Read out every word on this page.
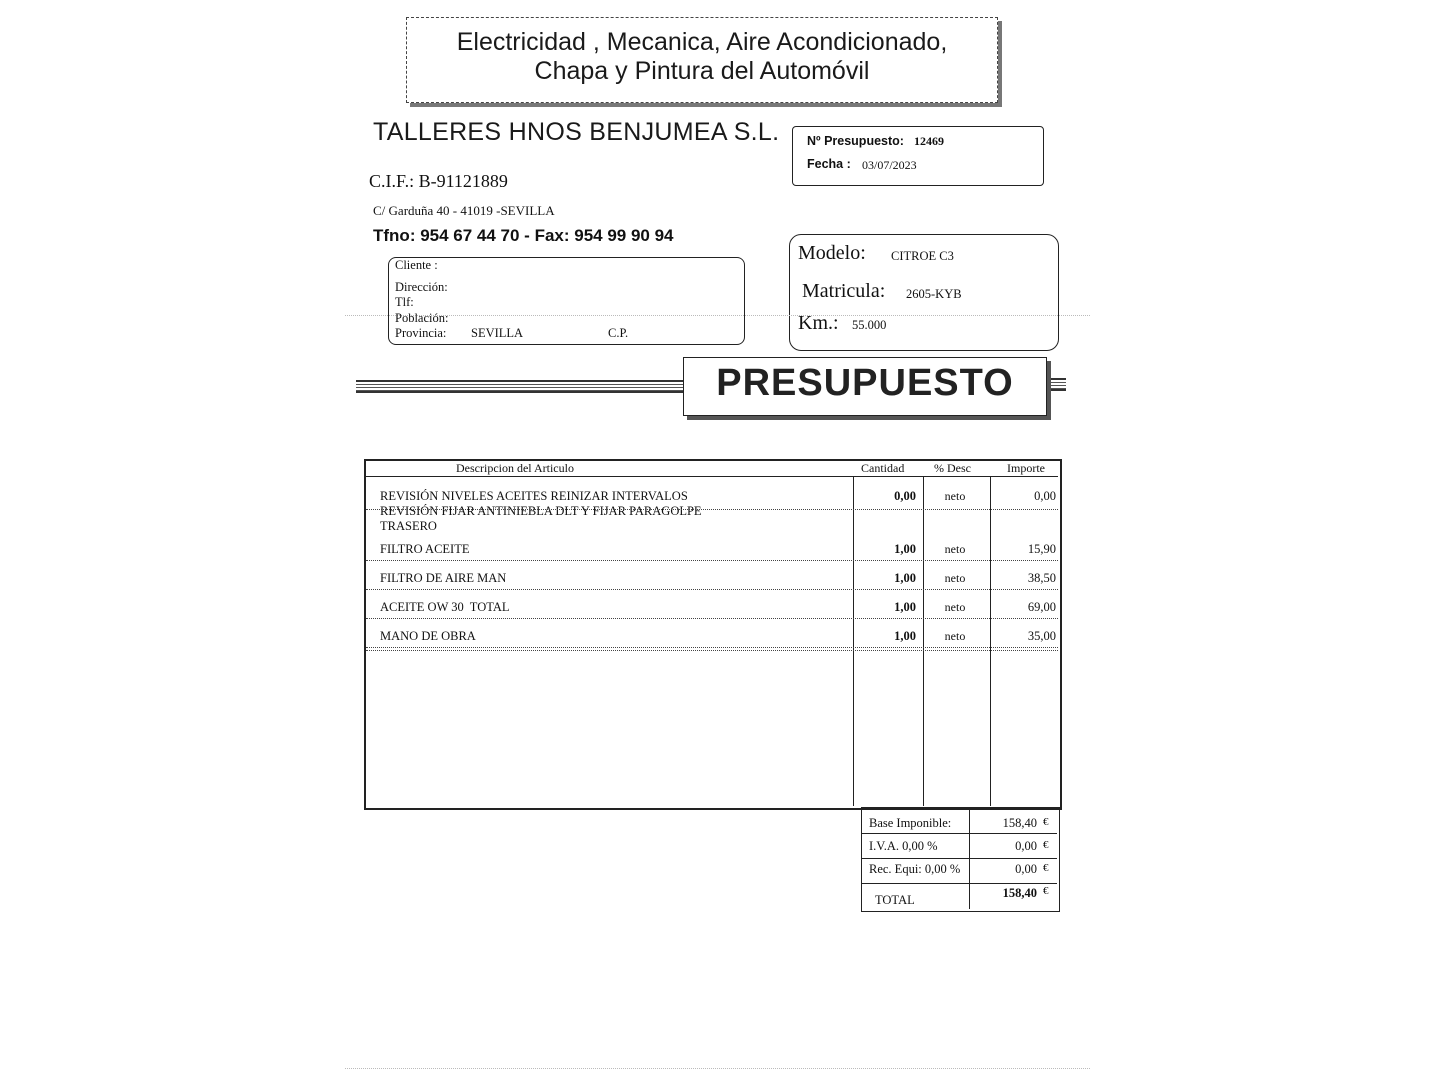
Electricidad , Mecanica, Aire Acondicionado,
Chapa y Pintura del Automóvil
TALLERES HNOS BENJUMEA S.L.
C.I.F.: B-91121889
C/ Garduña 40 - 41019 -SEVILLA
Tfno: 954 67 44 70 - Fax: 954 99 90 94
Nº Presupuesto: 12469
Fecha : 03/07/2023
Modelo: CITROE C3
Matricula: 2605-KYB
Km.: 55.000
Cliente :
Dirección:
Tlf:
Población:
Provincia: SEVILLA	C.P.
PRESUPUESTO
Descripcion del Articulo	Cantidad % Desc	Importe
REVISIÓN NIVELES ACEITES REINIZAR INTERVALOS
REVISIÓN FIJAR ANTINIEBLA DLT Y FIJAR PARAGOLPE
TRASERO
0,00	neto	0,00
FILTRO ACEITE	1,00	neto	15,90
FILTRO DE AIRE MAN	1,00	neto	38,50
ACEITE OW 30  TOTAL	1,00	neto	69,00
MANO DE OBRA	1,00	neto	35,00
Base Imponible:	158,40 €
I.V.A. 0,00 %	0,00 €
Rec. Equi: 0,00 %	0,00 €
TOTAL	158,40 €
